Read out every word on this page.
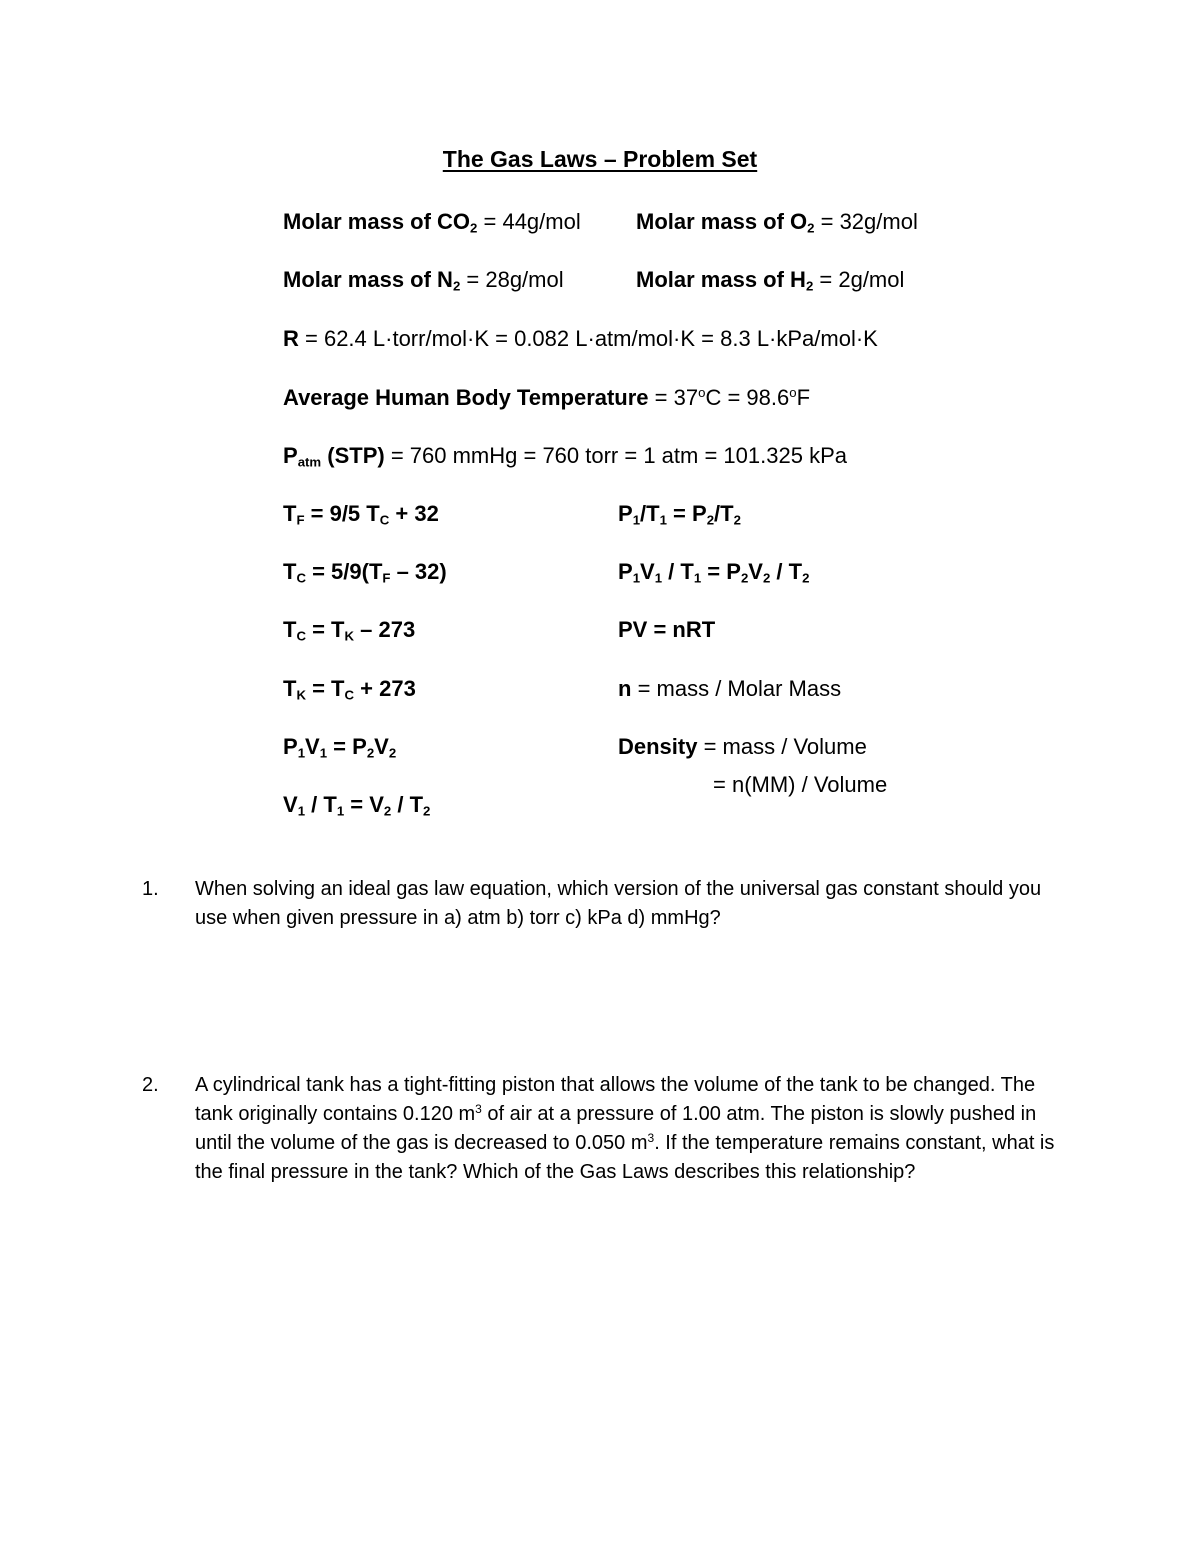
The Gas Laws – Problem Set
Molar mass of $CO_2 = 44g/mol$	Molar mass of $O_2 = 32g/mol$
Molar mass of $N_2 = 28g/mol$	Molar mass of $H_2 = 2g/mol$
R = 62.4 L·torr/mol·K = 0.082 L·atm/mol·K = 8.3 L·kPa/mol·K
Average Human Body Temperature = $37^oC = 98.6^oF$
$P_{atm}$ (STP) = 760 mmHg = 760 torr = 1 atm = 101.325 kPa
$T_F = 9/5$ $T_C + 32$
$T_C = 5/9(T_F - 32)$
$T_C = T_K - 273$
$T_K = T_C + 273$
$P_1V_1 = P_2V_2$
$V_1 / T_1 = V_2 / T_2$
$P_1/T_1 = P_2/T_2$
$P_1V_1 / T_1 = P_2V_2 / T_2$
PV = nRT
n = mass / Molar Mass
Density = mass / Volume
= n(MM) / Volume
1. When solving an ideal gas law equation, which version of the universal gas constant should you use when given pressure in a) atm b) torr c) kPa d) mmHg?
2. A cylindrical tank has a tight-fitting piston that allows the volume of the tank to be changed. The tank originally contains 0.120 $m^3$ of air at a pressure of 1.00 atm. The piston is slowly pushed in until the volume of the gas is decreased to 0.050 $m^3$. If the temperature remains constant, what is the final pressure in the tank? Which of the Gas Laws describes this relationship?
